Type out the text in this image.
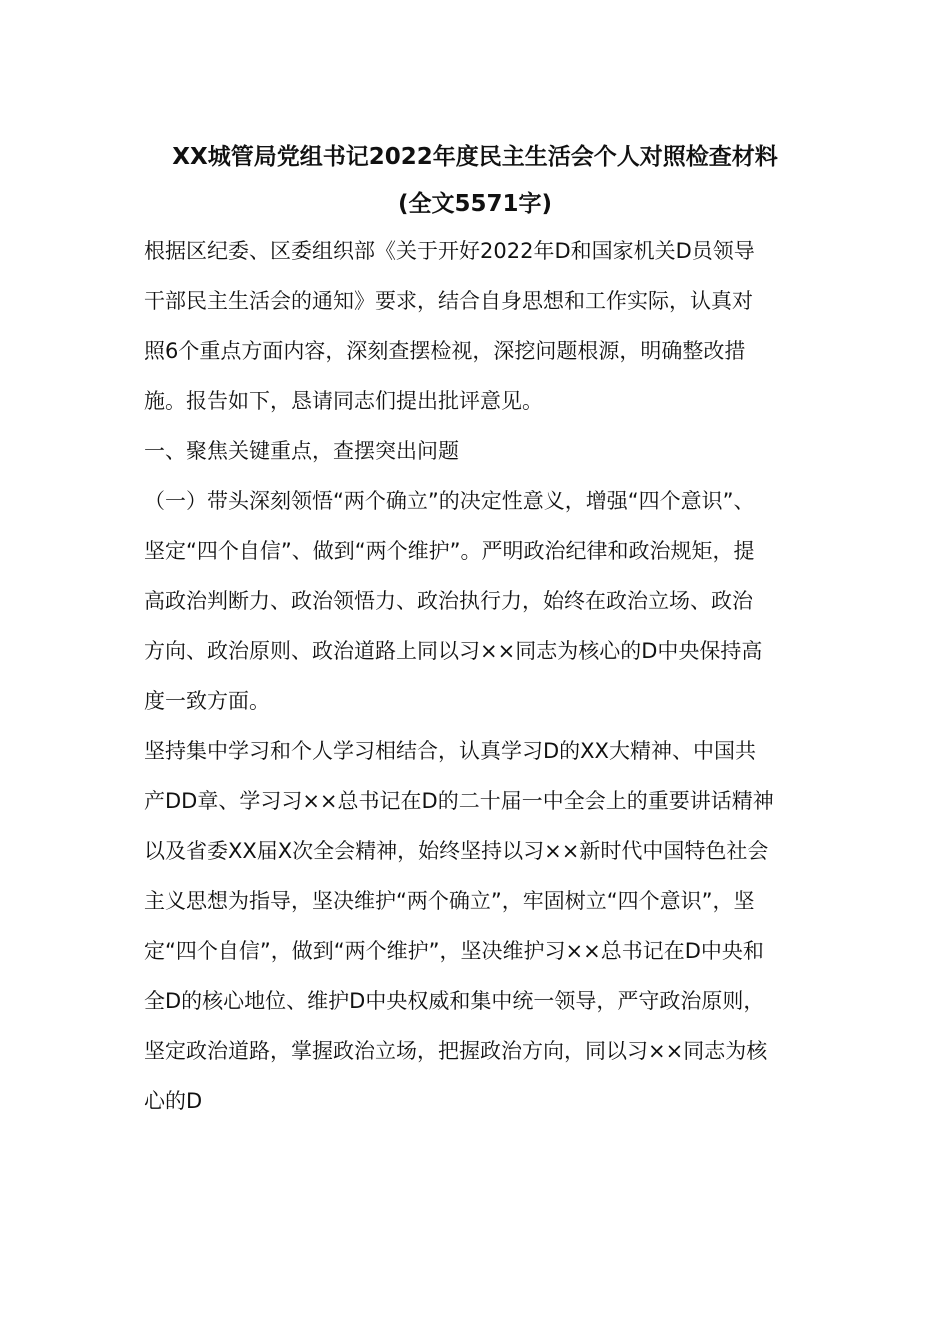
XX城管局党组书记2022年度民主生活会个人对照检查材料
(全文5571字)
根据区纪委、区委组织部《关于开好2022年D和国家机关D员领导
干部民主生活会的通知》要求，结合自身思想和工作实际，认真对
照6个重点方面内容，深刻查摆检视，深挖问题根源，明确整改措
施。报告如下，恳请同志们提出批评意见。
一、聚焦关键重点，查摆突出问题
（一）带头深刻领悟“两个确立”的决定性意义，增强“四个意识”、
坚定“四个自信”、做到“两个维护”。严明政治纪律和政治规矩，提
高政治判断力、政治领悟力、政治执行力，始终在政治立场、政治
方向、政治原则、政治道路上同以习××同志为核心的D中央保持高
度一致方面。
坚持集中学习和个人学习相结合，认真学习D的XX大精神、中国共
产DD章、学习习××总书记在D的二十届一中全会上的重要讲话精神
以及省委XX届X次全会精神，始终坚持以习××新时代中国特色社会
主义思想为指导，坚决维护“两个确立”，牢固树立“四个意识”，坚
定“四个自信”，做到“两个维护”，坚决维护习××总书记在D中央和
全D的核心地位、维护D中央权威和集中统一领导，严守政治原则，
坚定政治道路，掌握政治立场，把握政治方向，同以习××同志为核
心的D
